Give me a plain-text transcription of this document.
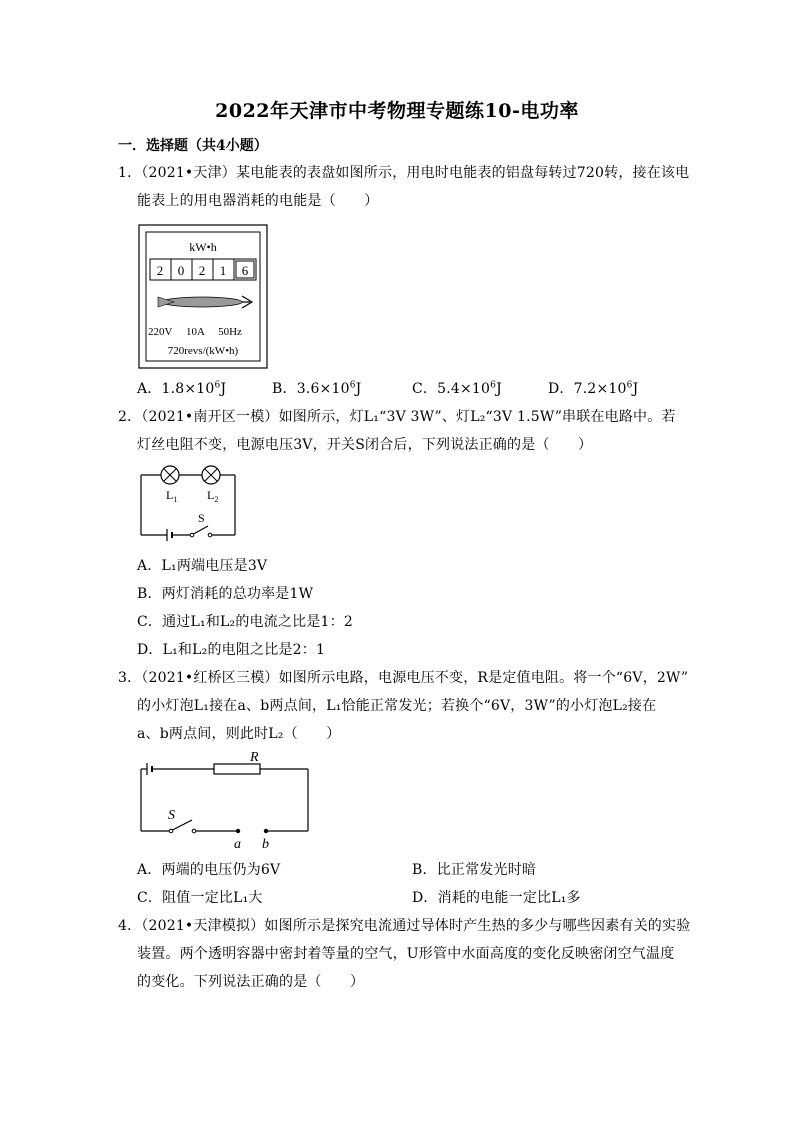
2022年天津市中考物理专题练10-电功率
一．选择题（共4小题）
1．（2021•天津）某电能表的表盘如图所示，用电时电能表的铝盘每转过720转，接在该电
能表上的用电器消耗的电能是（　　）
kW•h
2 0 2 1 6
220V　 10A　 50Hz
720revs/(kW•h)
A．$1.8\times 10^6J$	B．$3.6\times 10^6J$	C．$5.4\times 10^6J$	D．$7.2\times 10^6J$
2．（2021•南开区一模）如图所示，灯L₁“3V 3W”、灯L₂“3V 1.5W”串联在电路中。若
灯丝电阻不变，电源电压3V，开关S闭合后，下列说法正确的是（　　）
$L_1$ $L_2$
S
A．L₁两端电压是3V
B．两灯消耗的总功率是1W
C．通过L₁和L₂的电流之比是1：2
D．L₁和L₂的电阻之比是2：1
3．（2021•红桥区三模）如图所示电路，电源电压不变，R是定值电阻。将一个“6V，2W”
的小灯泡L₁接在a、b两点间，L₁恰能正常发光；若换个“6V，3W”的小灯泡L₂接在
a、b两点间，则此时L₂（　　）
R
S
a b
A．两端的电压仍为6V	B．比正常发光时暗
C．阻值一定比L₁大	D．消耗的电能一定比L₁多
4．（2021•天津模拟）如图所示是探究电流通过导体时产生热的多少与哪些因素有关的实验
装置。两个透明容器中密封着等量的空气，U形管中水面高度的变化反映密闭空气温度
的变化。下列说法正确的是（　　）
